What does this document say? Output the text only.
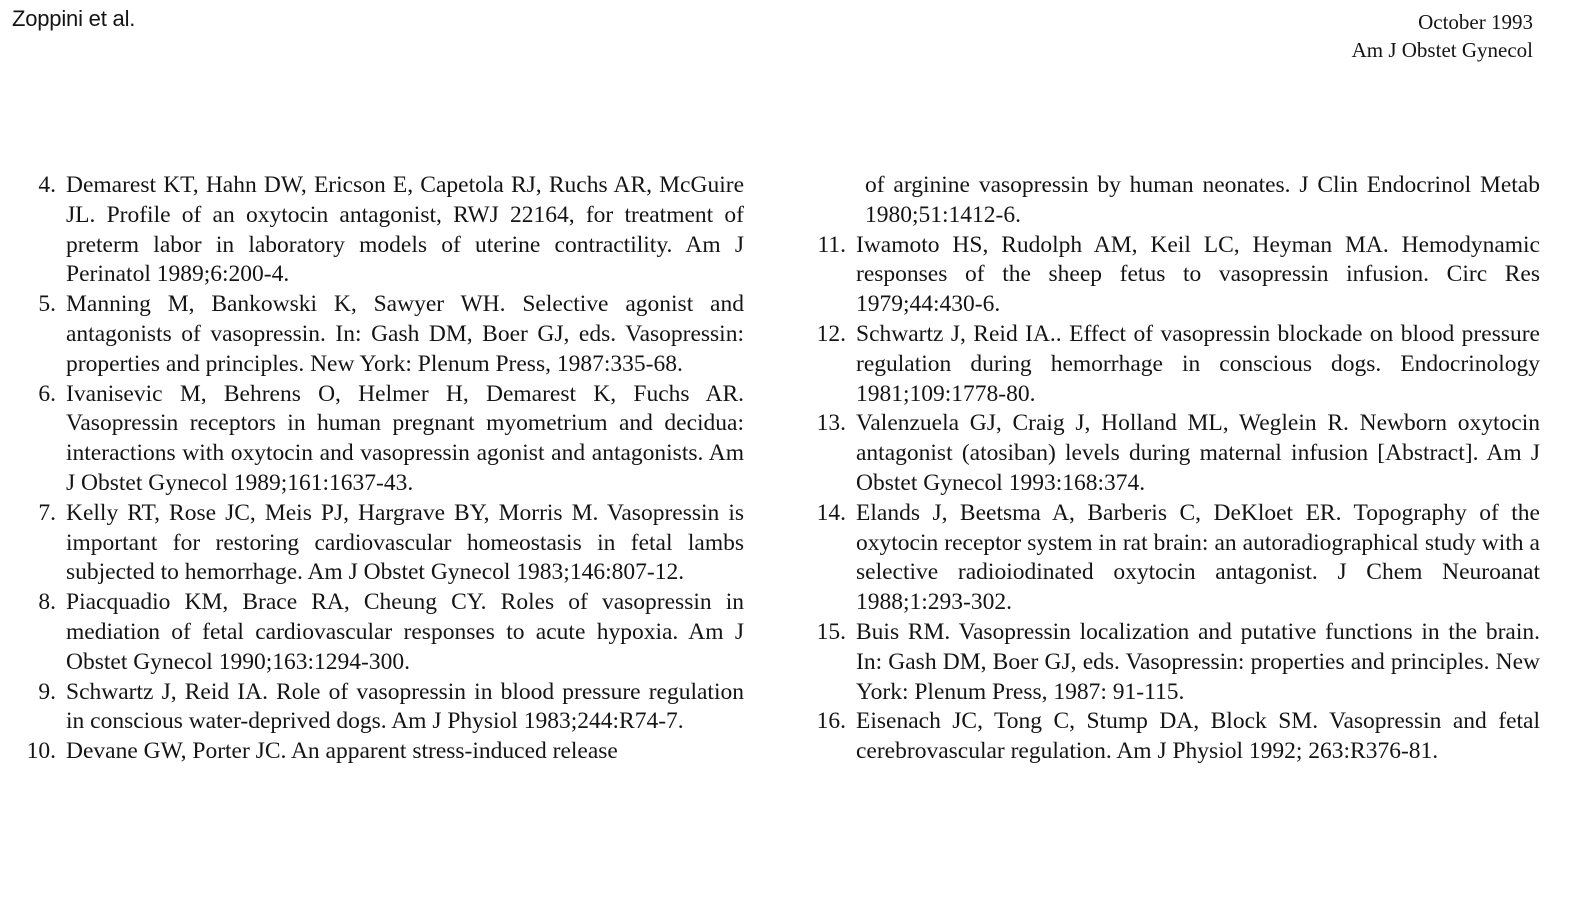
Zoppini et al.	October 1993
Am J Obstet Gynecol
4. Demarest KT, Hahn DW, Ericson E, Capetola RJ, Ruchs AR, McGuire JL. Profile of an oxytocin antagonist, RWJ 22164, for treatment of preterm labor in laboratory models of uterine contractility. Am J Perinatol 1989;6:200-4.
5. Manning M, Bankowski K, Sawyer WH. Selective agonist and antagonists of vasopressin. In: Gash DM, Boer GJ, eds. Vasopressin: properties and principles. New York: Plenum Press, 1987:335-68.
6. Ivanisevic M, Behrens O, Helmer H, Demarest K, Fuchs AR. Vasopressin receptors in human pregnant myometrium and decidua: interactions with oxytocin and vasopressin agonist and antagonists. Am J Obstet Gynecol 1989;161:1637-43.
7. Kelly RT, Rose JC, Meis PJ, Hargrave BY, Morris M. Vasopressin is important for restoring cardiovascular homeostasis in fetal lambs subjected to hemorrhage. Am J Obstet Gynecol 1983;146:807-12.
8. Piacquadio KM, Brace RA, Cheung CY. Roles of vasopressin in mediation of fetal cardiovascular responses to acute hypoxia. Am J Obstet Gynecol 1990;163:1294-300.
9. Schwartz J, Reid IA. Role of vasopressin in blood pressure regulation in conscious water-deprived dogs. Am J Physiol 1983;244:R74-7.
10. Devane GW, Porter JC. An apparent stress-induced release
of arginine vasopressin by human neonates. J Clin Endocrinol Metab 1980;51:1412-6.
11. Iwamoto HS, Rudolph AM, Keil LC, Heyman MA. Hemodynamic responses of the sheep fetus to vasopressin infusion. Circ Res 1979;44:430-6.
12. Schwartz J, Reid IA.. Effect of vasopressin blockade on blood pressure regulation during hemorrhage in conscious dogs. Endocrinology 1981;109:1778-80.
13. Valenzuela GJ, Craig J, Holland ML, Weglein R. Newborn oxytocin antagonist (atosiban) levels during maternal infusion [Abstract]. Am J Obstet Gynecol 1993:168:374.
14. Elands J, Beetsma A, Barberis C, DeKloet ER. Topography of the oxytocin receptor system in rat brain: an autoradiographical study with a selective radioiodinated oxytocin antagonist. J Chem Neuroanat 1988;1:293-302.
15. Buis RM. Vasopressin localization and putative functions in the brain. In: Gash DM, Boer GJ, eds. Vasopressin: properties and principles. New York: Plenum Press, 1987: 91-115.
16. Eisenach JC, Tong C, Stump DA, Block SM. Vasopressin and fetal cerebrovascular regulation. Am J Physiol 1992; 263:R376-81.
